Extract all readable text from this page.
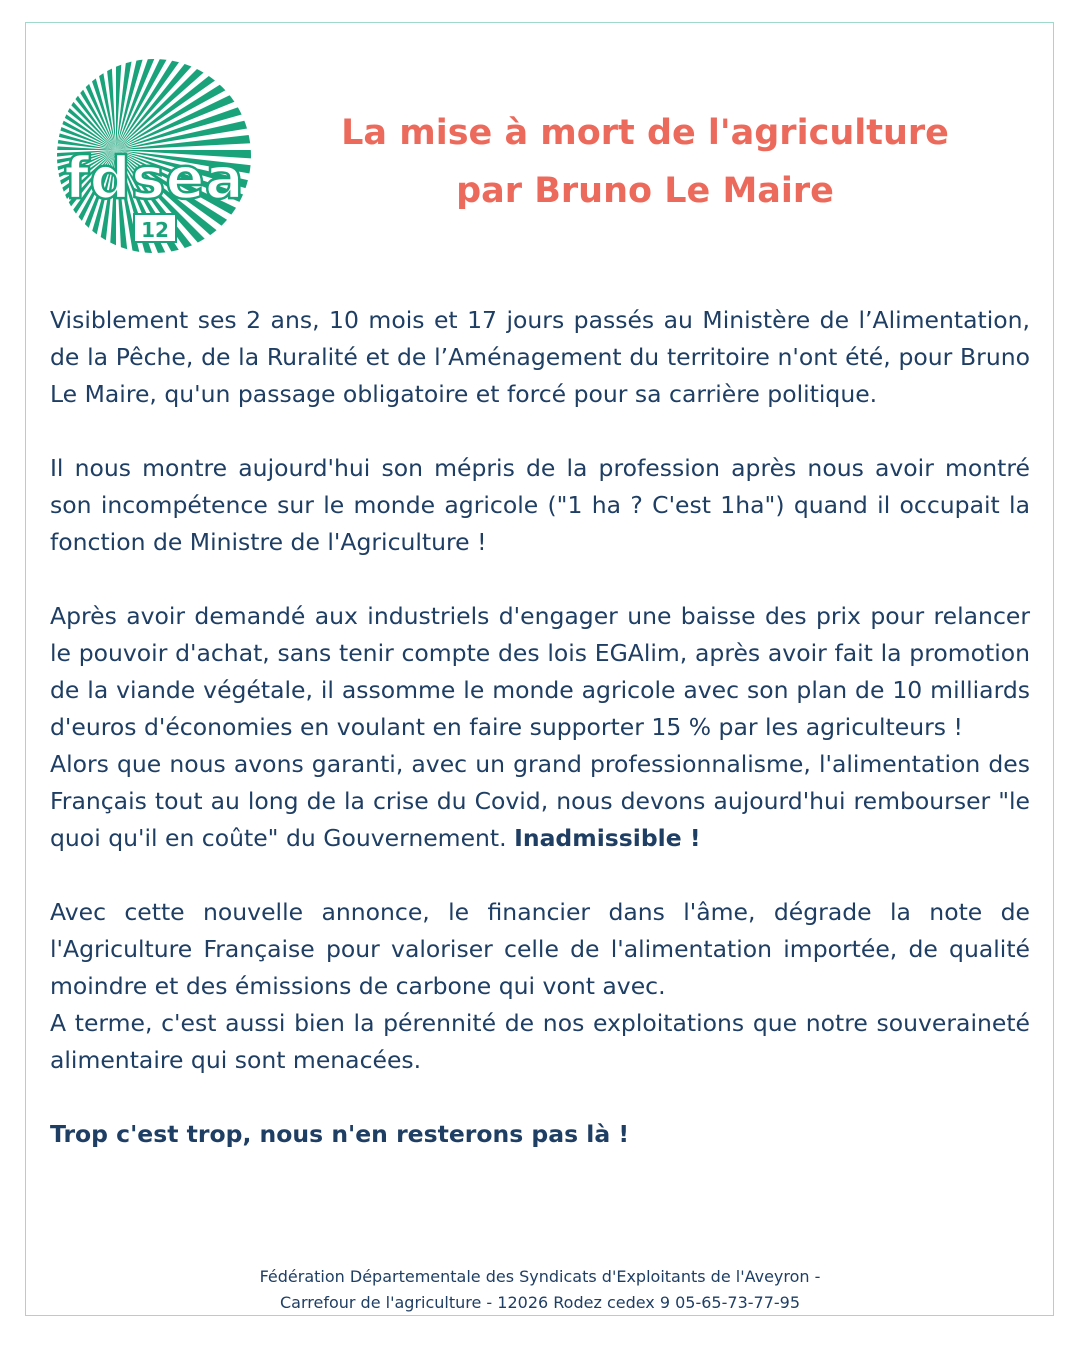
fdsea
12
La mise à mort de l'agriculture
par Bruno Le Maire

Visiblement ses 2 ans, 10 mois et 17 jours passés au Ministère de l’Alimentation, de la Pêche, de la Ruralité et de l’Aménagement du territoire n'ont été, pour Bruno Le Maire, qu'un passage obligatoire et forcé pour sa carrière politique.

Il nous montre aujourd'hui son mépris de la profession après nous avoir montré son incompétence sur le monde agricole ("1 ha ? C'est 1ha") quand il occupait la fonction de Ministre de l'Agriculture !

Après avoir demandé aux industriels d'engager une baisse des prix pour relancer le pouvoir d'achat, sans tenir compte des lois EGAlim, après avoir fait la promotion de la viande végétale, il assomme le monde agricole avec son plan de 10 milliards d'euros d'économies en voulant en faire supporter 15 % par les agriculteurs !

Alors que nous avons garanti, avec un grand professionnalisme, l'alimentation des Français tout au long de la crise du Covid, nous devons aujourd'hui rembourser "le quoi qu'il en coûte" du Gouvernement. Inadmissible !

Avec cette nouvelle annonce, le financier dans l'âme, dégrade la note de l'Agriculture Française pour valoriser celle de l'alimentation importée, de qualité moindre et des émissions de carbone qui vont avec.

A terme, c'est aussi bien la pérennité de nos exploitations que notre souveraineté alimentaire qui sont menacées.

Trop c'est trop, nous n'en resterons pas là !

Fédération Départementale des Syndicats d'Exploitants de l'Aveyron -
Carrefour de l'agriculture - 12026 Rodez cedex 9 05-65-73-77-95
